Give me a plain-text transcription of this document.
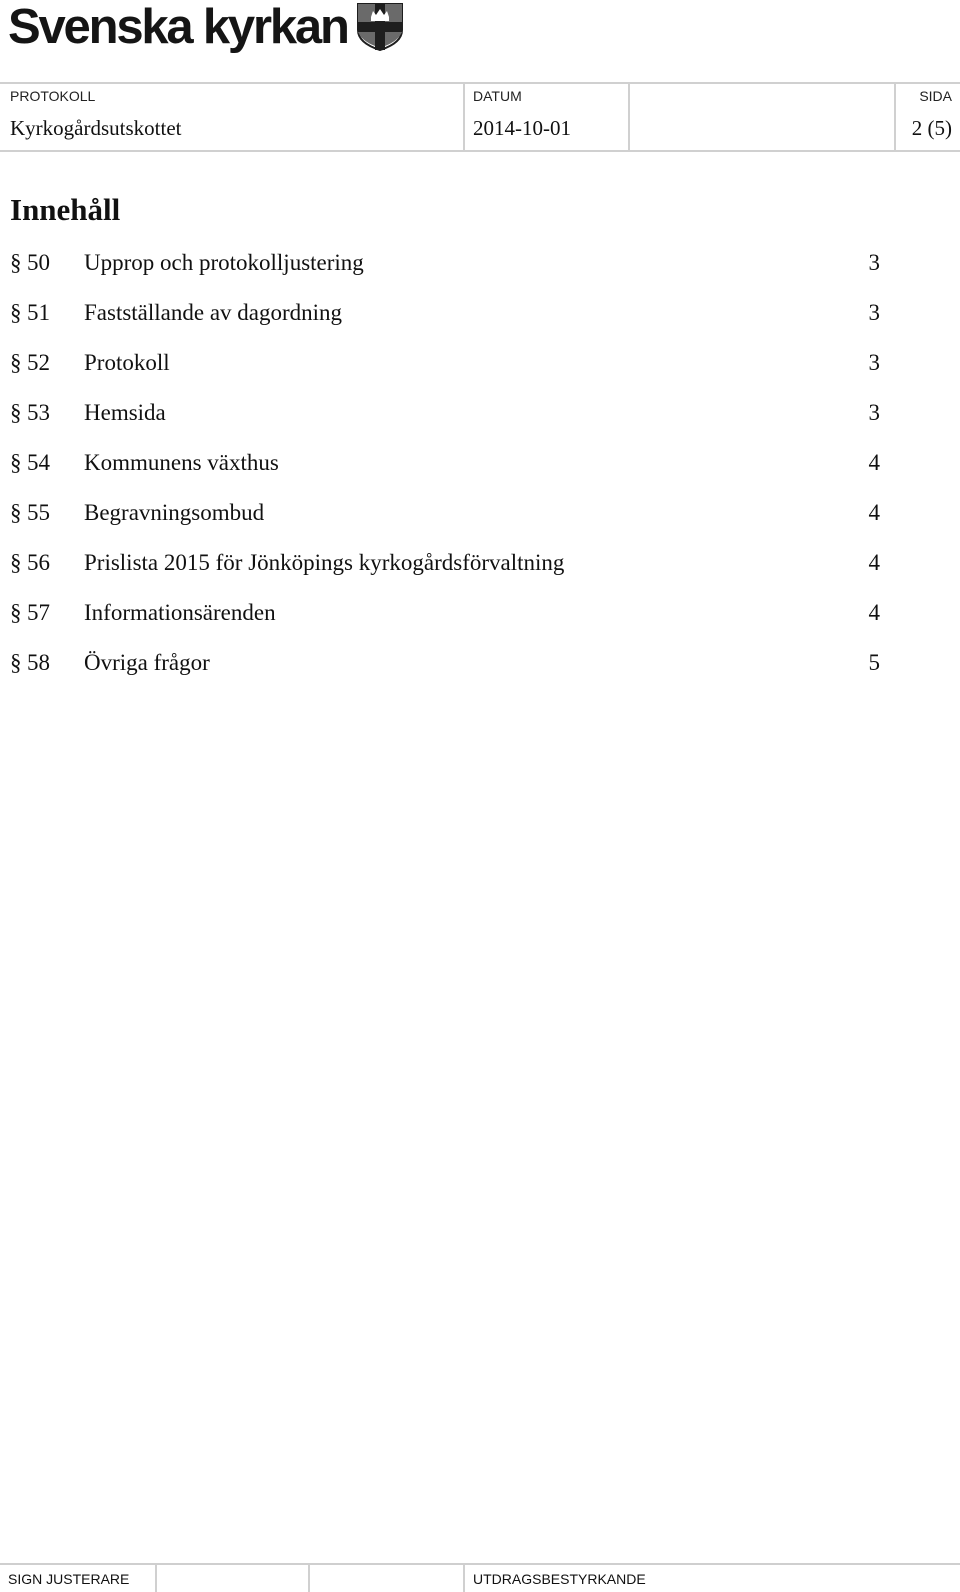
Svenska kyrkan
PROTOKOLL
Kyrkogårdsutskottet
DATUM
2014-10-01
SIDA
2 (5)
Innehåll
§ 50 Upprop och protokolljustering	3
§ 51 Fastställande av dagordning	3
§ 52 Protokoll	3
§ 53 Hemsida	3
§ 54 Kommunens växthus	4
§ 55 Begravningsombud	4
§ 56 Prislista 2015 för Jönköpings kyrkogårdsförvaltning	4
§ 57 Informationsärenden	4
§ 58 Övriga frågor	5
SIGN JUSTERARE	UTDRAGSBESTYRKANDE
